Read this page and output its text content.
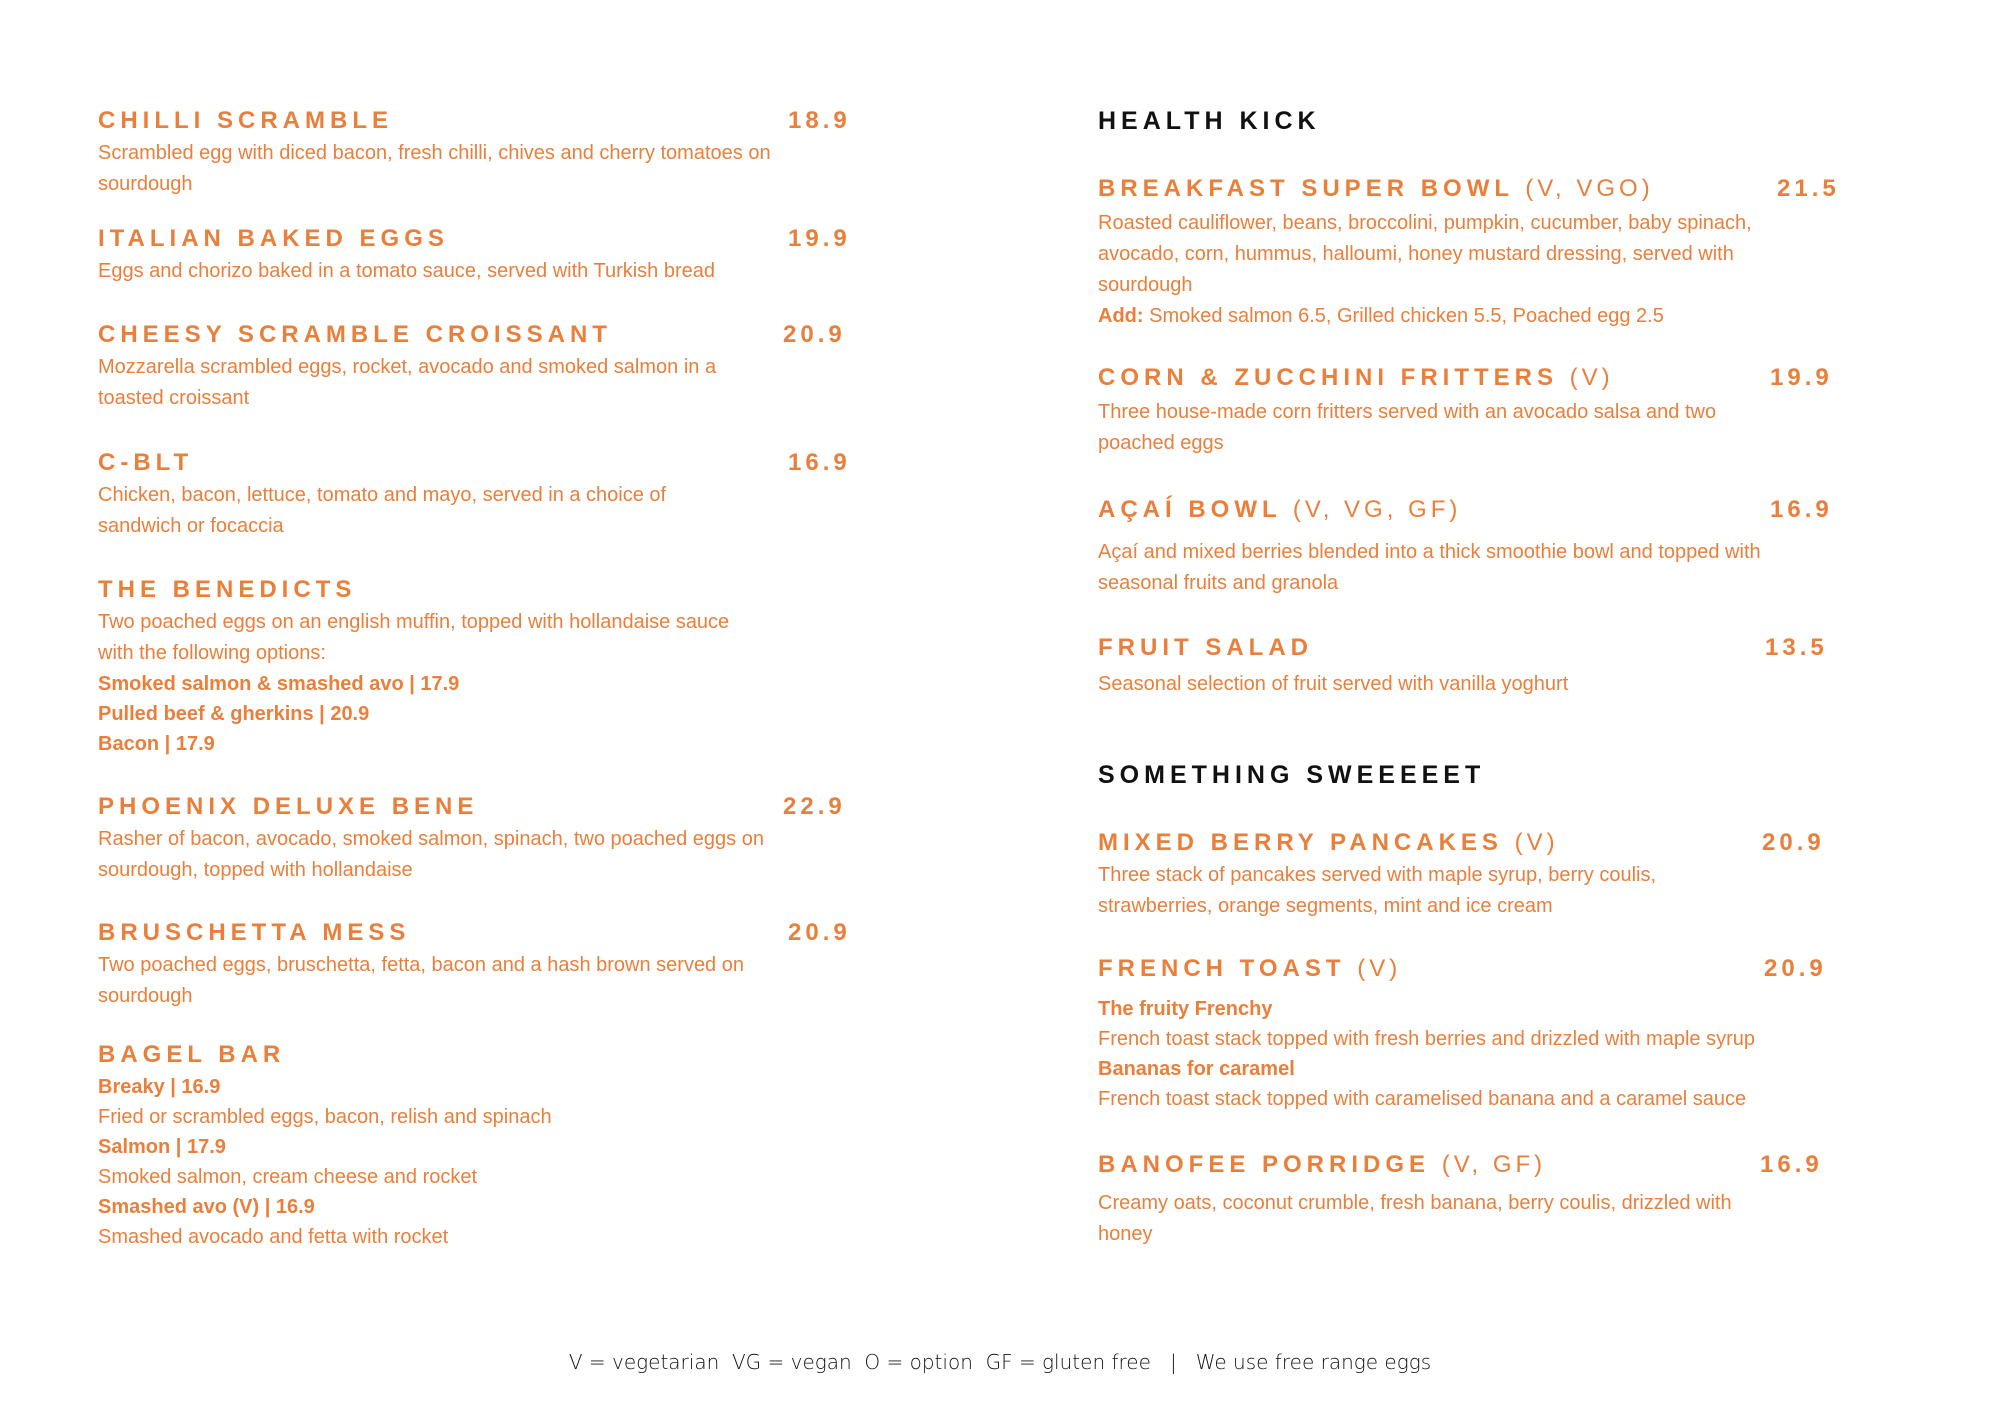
CHILLI SCRAMBLE	18.9

Scrambled egg with diced bacon, fresh chilli, chives and cherry tomatoes on sourdough

ITALIAN BAKED EGGS	19.9

Eggs and chorizo baked in a tomato sauce, served with Turkish bread

CHEESY SCRAMBLE CROISSANT	20.9

Mozzarella scrambled eggs, rocket, avocado and smoked salmon in a toasted croissant

C-BLT	16.9

Chicken, bacon, lettuce, tomato and mayo, served in a choice of sandwich or focaccia

THE BENEDICTS

Two poached eggs on an english muffin, topped with hollandaise sauce with the following options:

Smoked salmon & smashed avo | 17.9

Pulled beef & gherkins | 20.9

Bacon | 17.9

PHOENIX DELUXE BENE	22.9

Rasher of bacon, avocado, smoked salmon, spinach, two poached eggs on sourdough, topped with hollandaise

BRUSCHETTA MESS	20.9

Two poached eggs, bruschetta, fetta, bacon and a hash brown served on sourdough

BAGEL BAR

Breaky | 16.9

Fried or scrambled eggs, bacon, relish and spinach

Salmon | 17.9

Smoked salmon, cream cheese and rocket

Smashed avo (V) | 16.9

Smashed avocado and fetta with rocket

HEALTH KICK
BREAKFAST SUPER BOWL (V, VGO)	21.5

Roasted cauliflower, beans, broccolini, pumpkin, cucumber, baby spinach, avocado, corn, hummus, halloumi, honey mustard dressing, served with sourdough

Add: Smoked salmon 6.5, Grilled chicken 5.5, Poached egg 2.5

CORN & ZUCCHINI FRITTERS (V)	19.9

Three house-made corn fritters served with an avocado salsa and two poached eggs

AÇAÍ BOWL (V, VG, GF)	16.9

Açaí and mixed berries blended into a thick smoothie bowl and topped with seasonal fruits and granola

FRUIT SALAD	13.5

Seasonal selection of fruit served with vanilla yoghurt

SOMETHING SWEEEEET
MIXED BERRY PANCAKES (V)	20.9

Three stack of pancakes served with maple syrup, berry coulis, strawberries, orange segments, mint and ice cream

FRENCH TOAST (V)	20.9

The fruity Frenchy

French toast stack topped with fresh berries and drizzled with maple syrup

Bananas for caramel

French toast stack topped with caramelised banana and a caramel sauce

BANOFEE PORRIDGE (V, GF)	16.9

Creamy oats, coconut crumble, fresh banana, berry coulis, drizzled with honey

V = vegetarian  VG = vegan  O = option  GF = gluten free   |   We use free range eggs
